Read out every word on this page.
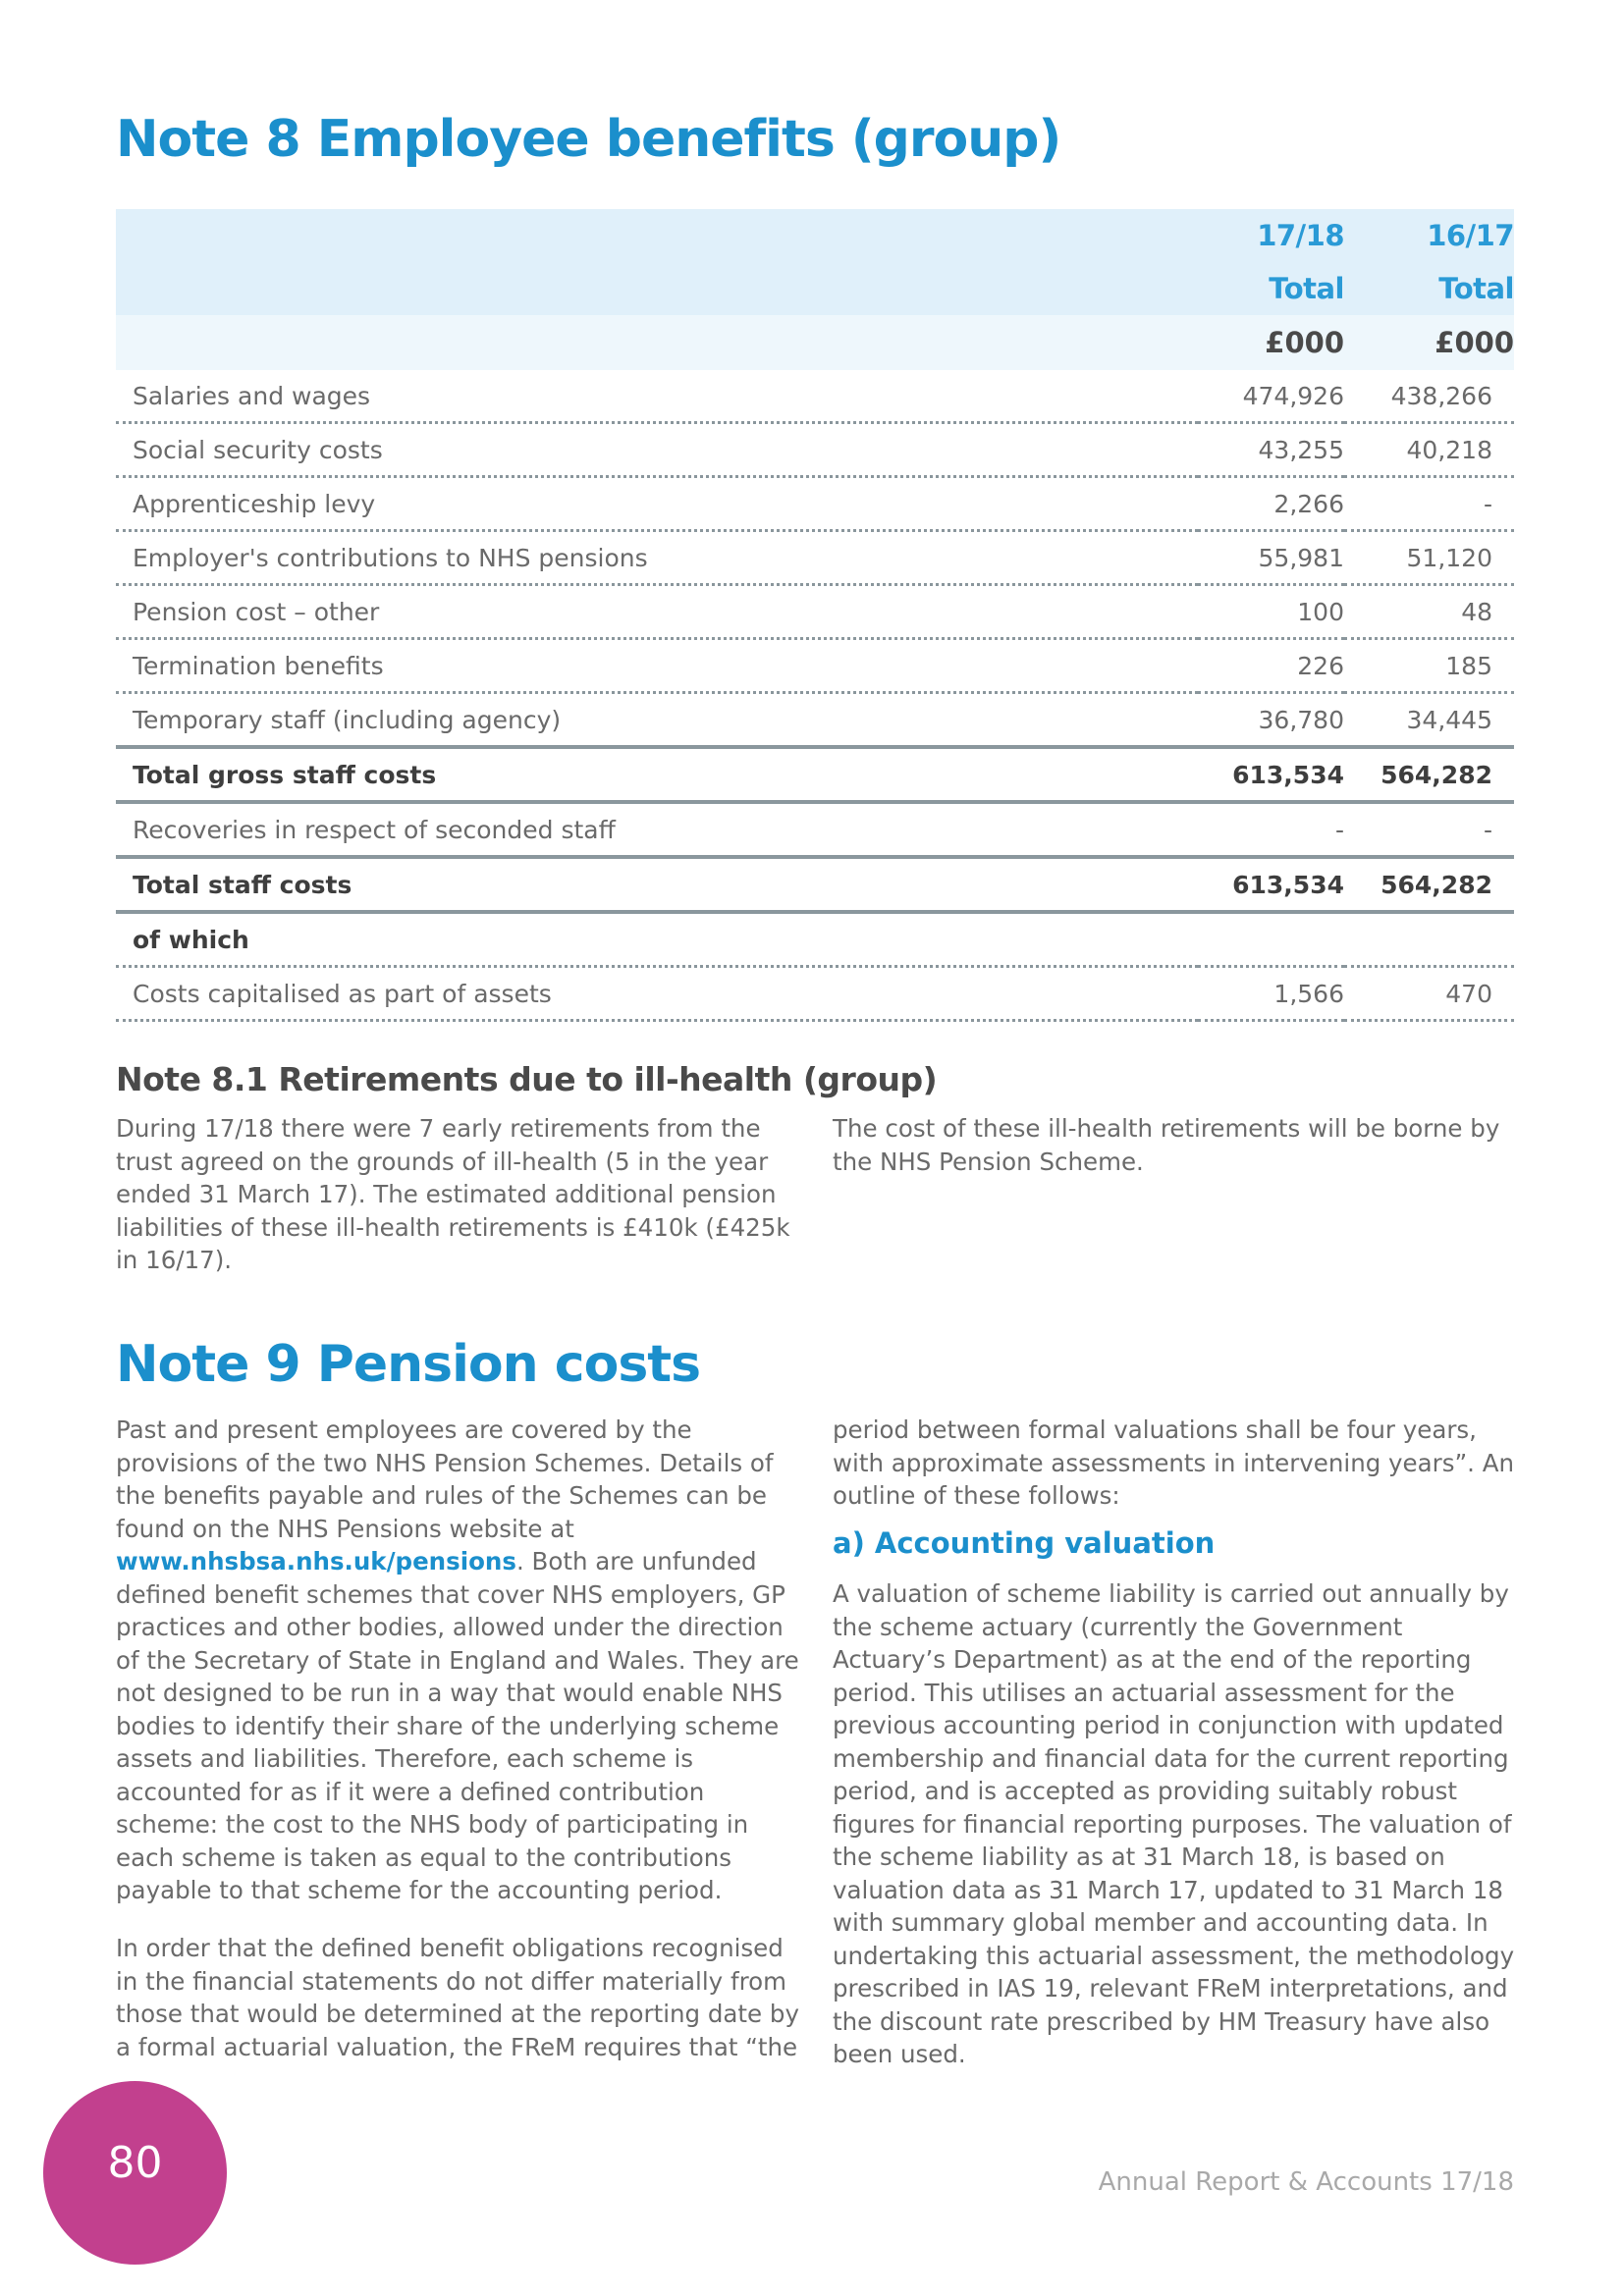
Note 8 Employee benefits (group)
	17/18	16/17
	Total	Total
	£000	£000
Salaries and wages	474,926	438,266
Social security costs	43,255	40,218
Apprenticeship levy	2,266	-
Employer's contributions to NHS pensions	55,981	51,120
Pension cost – other	100	48
Termination benefits	226	185
Temporary staff (including agency)	36,780	34,445
Total gross staff costs	613,534	564,282
Recoveries in respect of seconded staff	-	-
Total staff costs	613,534	564,282
of which		
Costs capitalised as part of assets	1,566	470
Note 8.1 Retirements due to ill-health (group)

During 17/18 there were 7 early retirements from the trust agreed on the grounds of ill-health (5 in the year ended 31 March 17). The estimated additional pension liabilities of these ill-health retirements is £410k (£425k in 16/17).

The cost of these ill-health retirements will be borne by the NHS Pension Scheme.

Note 9 Pension costs

Past and present employees are covered by the provisions of the two NHS Pension Schemes. Details of the benefits payable and rules of the Schemes can be found on the NHS Pensions website at www.nhsbsa.nhs.uk/pensions. Both are unfunded defined benefit schemes that cover NHS employers, GP practices and other bodies, allowed under the direction of the Secretary of State in England and Wales. They are not designed to be run in a way that would enable NHS bodies to identify their share of the underlying scheme assets and liabilities. Therefore, each scheme is accounted for as if it were a defined contribution scheme: the cost to the NHS body of participating in each scheme is taken as equal to the contributions payable to that scheme for the accounting period.

In order that the defined benefit obligations recognised in the financial statements do not differ materially from those that would be determined at the reporting date by a formal actuarial valuation, the FReM requires that “the

period between formal valuations shall be four years, with approximate assessments in intervening years”. An outline of these follows:

a) Accounting valuation

A valuation of scheme liability is carried out annually by the scheme actuary (currently the Government Actuary’s Department) as at the end of the reporting period. This utilises an actuarial assessment for the previous accounting period in conjunction with updated membership and financial data for the current reporting period, and is accepted as providing suitably robust figures for financial reporting purposes. The valuation of the scheme liability as at 31 March 18, is based on valuation data as 31 March 17, updated to 31 March 18 with summary global member and accounting data. In undertaking this actuarial assessment, the methodology prescribed in IAS 19, relevant FReM interpretations, and the discount rate prescribed by HM Treasury have also been used.

80	Annual Report & Accounts 17/18
